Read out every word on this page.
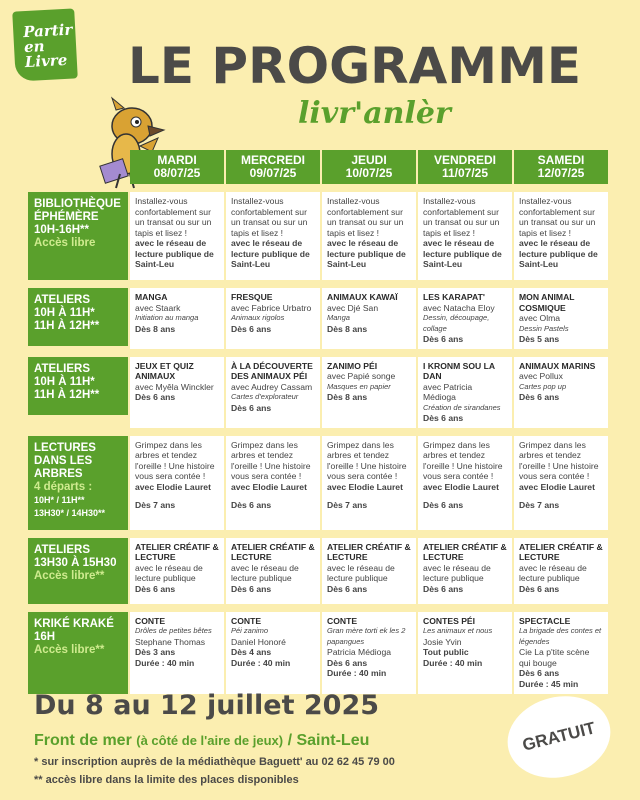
Partir
en Livre LE PROGRAMME
livr'anlèr
MARDI
08/07/25
MERCREDI
09/07/25
JEUDI
10/07/25
VENDREDI
11/07/25
SAMEDI
12/07/25
BIBLIOTHÈQUE
ÉPHÉMÈRE
10H-16H**
Accès libre
Installez-vous confortablement sur un transat ou sur un tapis et lisez !
avec le réseau de lecture publique de Saint-Leu
Installez-vous confortablement sur un transat ou sur un tapis et lisez !
avec le réseau de lecture publique de Saint-Leu
Installez-vous confortablement sur un transat ou sur un tapis et lisez !
avec le réseau de lecture publique de Saint-Leu
Installez-vous confortablement sur un transat ou sur un tapis et lisez !
avec le réseau de lecture publique de Saint-Leu
Installez-vous confortablement sur un transat ou sur un tapis et lisez !
avec le réseau de lecture publique de Saint-Leu
ATELIERS
10H À 11H*
11H À 12H**
MANGA
avec Staark
Initiation au manga
Dès 8 ans
FRESQUE
avec Fabrice Urbatro
Animaux rigolos
Dès 6 ans
ANIMAUX KAWAÏ
avec Djé San
Manga
Dès 8 ans
LES KARAPAT'
avec Natacha Eloy
Dessin, découpage, collage
Dès 6 ans
MON ANIMAL COSMIQUE
avec Olma
Dessin Pastels
Dès 5 ans
ATELIERS
10H À 11H*
11H À 12H**
JEUX ET QUIZ ANIMAUX
avec Myêla Winckler
Dès 6 ans
À LA DÉCOUVERTE DES ANIMAUX PÉI
avec Audrey Cassam
Cartes d'explorateur
Dès 6 ans
ZANIMO PÉI
avec Papié songe
Masques en papier
Dès 8 ans
I KRONM SOU LA DAN
avec Patricia Médioga
Création de sirandanes
Dès 6 ans
ANIMAUX MARINS
avec Pollux
Cartes pop up
Dès 6 ans
LECTURES
DANS LES
ARBRES
4 départs :
10H* / 11H**
13H30* / 14H30**
Grimpez dans les arbres et tendez l'oreille ! Une histoire vous sera contée !
avec Elodie Lauret
Dès 7 ans
Grimpez dans les arbres et tendez l'oreille ! Une histoire vous sera contée !
avec Elodie Lauret
Dès 6 ans
Grimpez dans les arbres et tendez l'oreille ! Une histoire vous sera contée !
avec Elodie Lauret
Dès 7 ans
Grimpez dans les arbres et tendez l'oreille ! Une histoire vous sera contée !
avec Elodie Lauret
Dès 6 ans
Grimpez dans les arbres et tendez l'oreille ! Une histoire vous sera contée !
avec Elodie Lauret
Dès 7 ans
ATELIERS
13H30 À 15H30
Accès libre**
ATELIER CRÉATIF & LECTURE
avec le réseau de lecture publique
Dès 6 ans
ATELIER CRÉATIF & LECTURE
avec le réseau de lecture publique
Dès 6 ans
ATELIER CRÉATIF & LECTURE
avec le réseau de lecture publique
Dès 6 ans
ATELIER CRÉATIF & LECTURE
avec le réseau de lecture publique
Dès 6 ans
ATELIER CRÉATIF & LECTURE
avec le réseau de lecture publique
Dès 6 ans
KRIKÉ KRAKÉ
16H
Accès libre**
CONTE
Drôles de petites bêtes
Stephane Thomas
Dès 3 ans
Durée : 40 min
CONTE
Péi zanimo
Daniel Honoré
Dès 4 ans
Durée : 40 min
CONTE
Gran mère torti ek les 2 papangues
Patricia Médioga
Dès 6 ans
Durée : 40 min
CONTES PÉI
Les animaux et nous
Josie Yvin
Tout public
Durée : 40 min
SPECTACLE
La brigade des contes et légendes
Cie La p'tite scène qui bouge
Dès 6 ans
Durée : 45 min
Du 8 au 12 juillet 2025
Front de mer (à côté de l'aire de jeux) / Saint-Leu
* sur inscription auprès de la médiathèque Baguett' au 02 62 45 79 00
** accès libre dans la limite des places disponibles
GRATUIT
